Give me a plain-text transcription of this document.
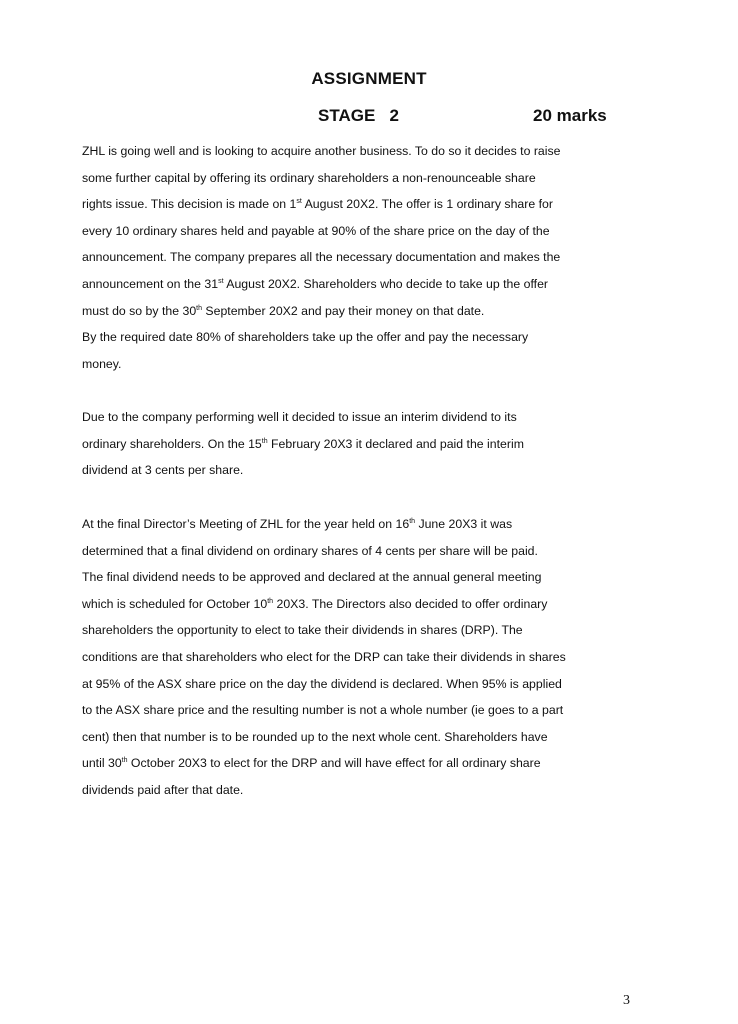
ASSIGNMENT
STAGE   2	20 marks
ZHL is going well and is looking to acquire another business. To do so it decides to raise
some further capital by offering its ordinary shareholders a non-renounceable share
rights issue. This decision is made on 1st August 20X2. The offer is 1 ordinary share for
every 10 ordinary shares held and payable at 90% of the share price on the day of the
announcement. The company prepares all the necessary documentation and makes the
announcement on the 31st August 20X2. Shareholders who decide to take up the offer
must do so by the 30th September 20X2 and pay their money on that date.
By the required date 80% of shareholders take up the offer and pay the necessary
money.
Due to the company performing well it decided to issue an interim dividend to its
ordinary shareholders. On the 15th February 20X3 it declared and paid the interim
dividend at 3 cents per share.
At the final Director’s Meeting of ZHL for the year held on 16th June 20X3 it was
determined that a final dividend on ordinary shares of 4 cents per share will be paid.
The final dividend needs to be approved and declared at the annual general meeting
which is scheduled for October 10th 20X3. The Directors also decided to offer ordinary
shareholders the opportunity to elect to take their dividends in shares (DRP). The
conditions are that shareholders who elect for the DRP can take their dividends in shares
at 95% of the ASX share price on the day the dividend is declared. When 95% is applied
to the ASX share price and the resulting number is not a whole number (ie goes to a part
cent) then that number is to be rounded up to the next whole cent. Shareholders have
until 30th October 20X3 to elect for the DRP and will have effect for all ordinary share
dividends paid after that date.
3
